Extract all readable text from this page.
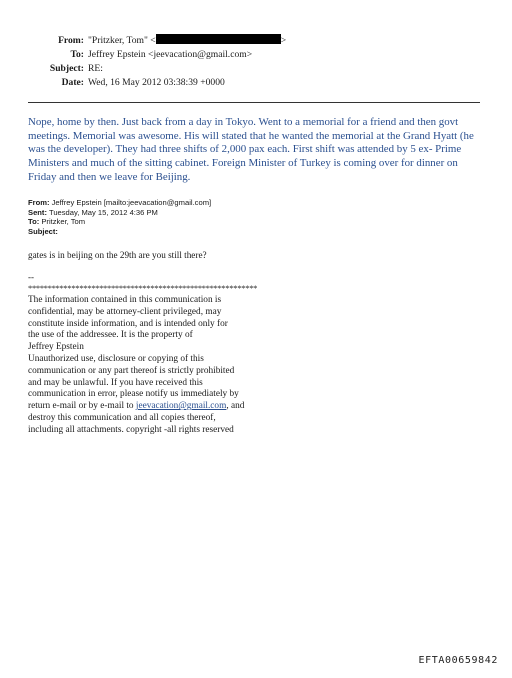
From: "Pritzker, Tom" <	>
To: Jeffrey Epstein <jeevacation@gmail.com>
Subject: RE:
Date: Wed, 16 May 2012 03:38:39 +0000

Nope, home by then. Just back from a day in Tokyo. Went to a memorial for a friend and then govt meetings. Memorial was awesome. His will stated that he wanted the memorial at the Grand Hyatt (he was the developer). They had three shifts of 2,000 pax each. First shift was attended by 5 ex- Prime Ministers and much of the sitting cabinet. Foreign Minister of Turkey is coming over for dinner on Friday and then we leave for Beijing.

From: Jeffrey Epstein [mailto:jeevacation@gmail.com]
Sent: Tuesday, May 15, 2012 4:36 PM
To: Pritzker, Tom
Subject:
gates is in beijing on the 29th are you still there?
--
**********************************************************
The information contained in this communication is
confidential, may be attorney-client privileged, may
constitute inside information, and is intended only for
the use of the addressee. It is the property of
Jeffrey Epstein
Unauthorized use, disclosure or copying of this
communication or any part thereof is strictly prohibited
and may be unlawful. If you have received this
communication in error, please notify us immediately by
return e-mail or by e-mail to jeevacation@gmail.com, and
destroy this communication and all copies thereof,
including all attachments. copyright -all rights reserved
EFTA00659842
